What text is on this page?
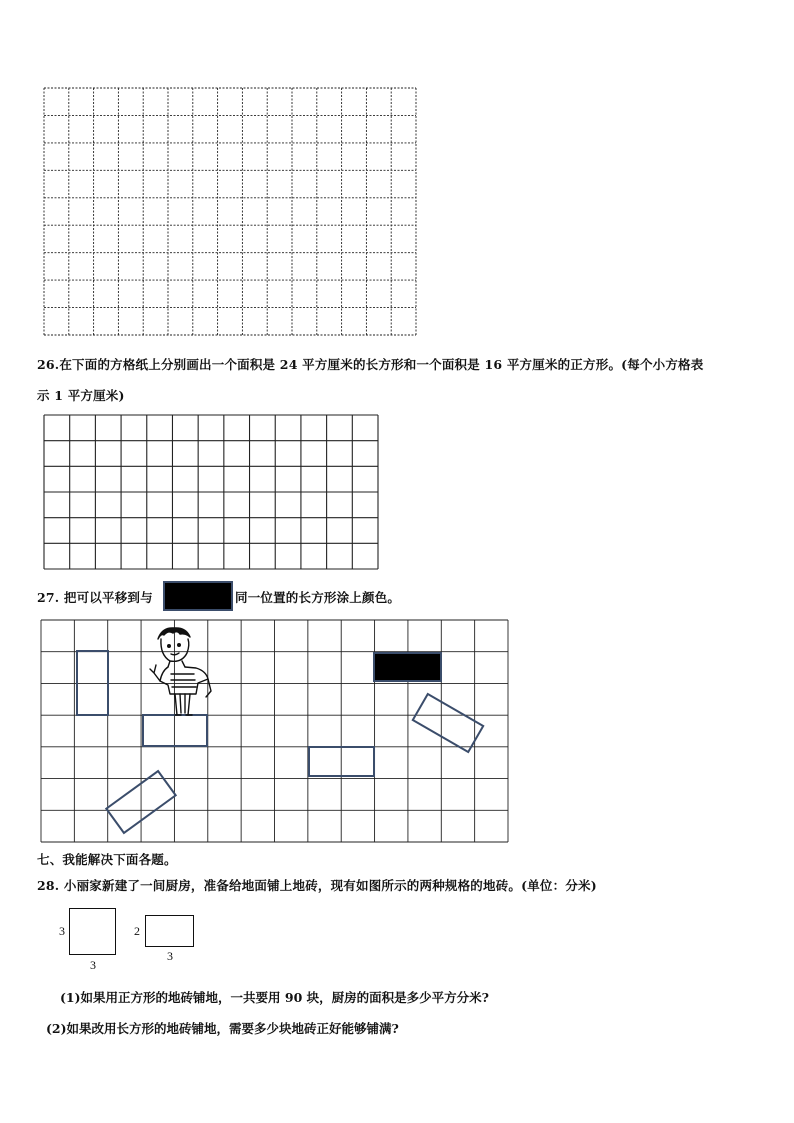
26.在下面的方格纸上分别画出一个面积是 24 平方厘米的长方形和一个面积是 16 平方厘米的正方形。(每个小方格表
示 1 平方厘米)
27. 把可以平移到与	同一位置的长方形涂上颜色。
七、我能解决下面各题。
28. 小丽家新建了一间厨房，准备给地面铺上地砖，现有如图所示的两种规格的地砖。(单位：分米)
3
3
2
3
(1)如果用正方形的地砖铺地，一共要用 90 块，厨房的面积是多少平方分米?
(2)如果改用长方形的地砖铺地，需要多少块地砖正好能够铺满?
